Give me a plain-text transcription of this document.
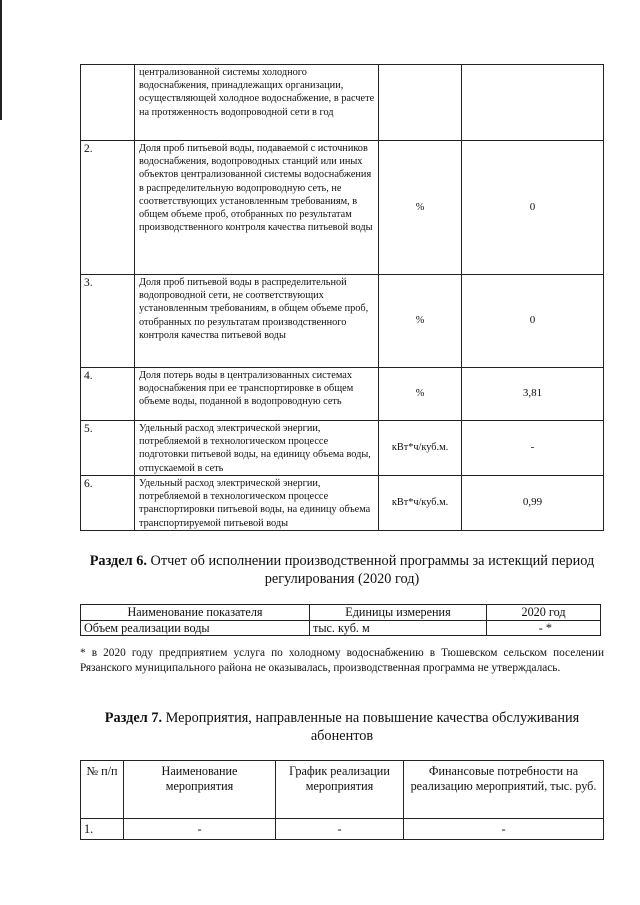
	централизованной системы холодного водоснабжения, принадлежащих организации, осуществляющей холодное водоснабжение, в расчете на протяженность водопроводной сети в год		
2.	Доля проб питьевой воды, подаваемой с источников водоснабжения, водопроводных станций или иных объектов централизованной системы водоснабжения в распределительную водопроводную сеть, не соответствующих установленным требованиям, в общем объеме проб, отобранных по результатам производственного контроля качества питьевой воды	%	0
3.	Доля проб питьевой воды в распределительной водопроводной сети, не соответствующих установленным требованиям, в общем объеме проб, отобранных по результатам производственного контроля качества питьевой воды	%	0
4.	Доля потерь воды в централизованных системах водоснабжения при ее транспортировке в общем объеме воды, поданной в водопроводную сеть	%	3,81
5.	Удельный расход электрической энергии, потребляемой в технологическом процессе подготовки питьевой воды, на единицу объема воды, отпускаемой в сеть	кВт*ч/куб.м.	-
6.	Удельный расход электрической энергии, потребляемой в технологическом процессе транспортировки питьевой воды, на единицу объема транспортируемой питьевой воды	кВт*ч/куб.м.	0,99
Раздел 6. Отчет об исполнении производственной программы за истекщий период регулирования (2020 год)
Наименование показателя	Единицы измерения	2020 год
Объем реализации воды	тыс. куб. м	- *
* в 2020 году предприятием услуга по холодному водоснабжению в Тюшевском сельском поселении Рязанского муниципального района не оказывалась, производственная программа не утверждалась.
Раздел 7. Мероприятия, направленные на повышение качества обслуживания абонентов
№ п/п	Наименование мероприятия	График реализации мероприятия	Финансовые потребности на реализацию мероприятий, тыс. руб.
1.	-	-	-
